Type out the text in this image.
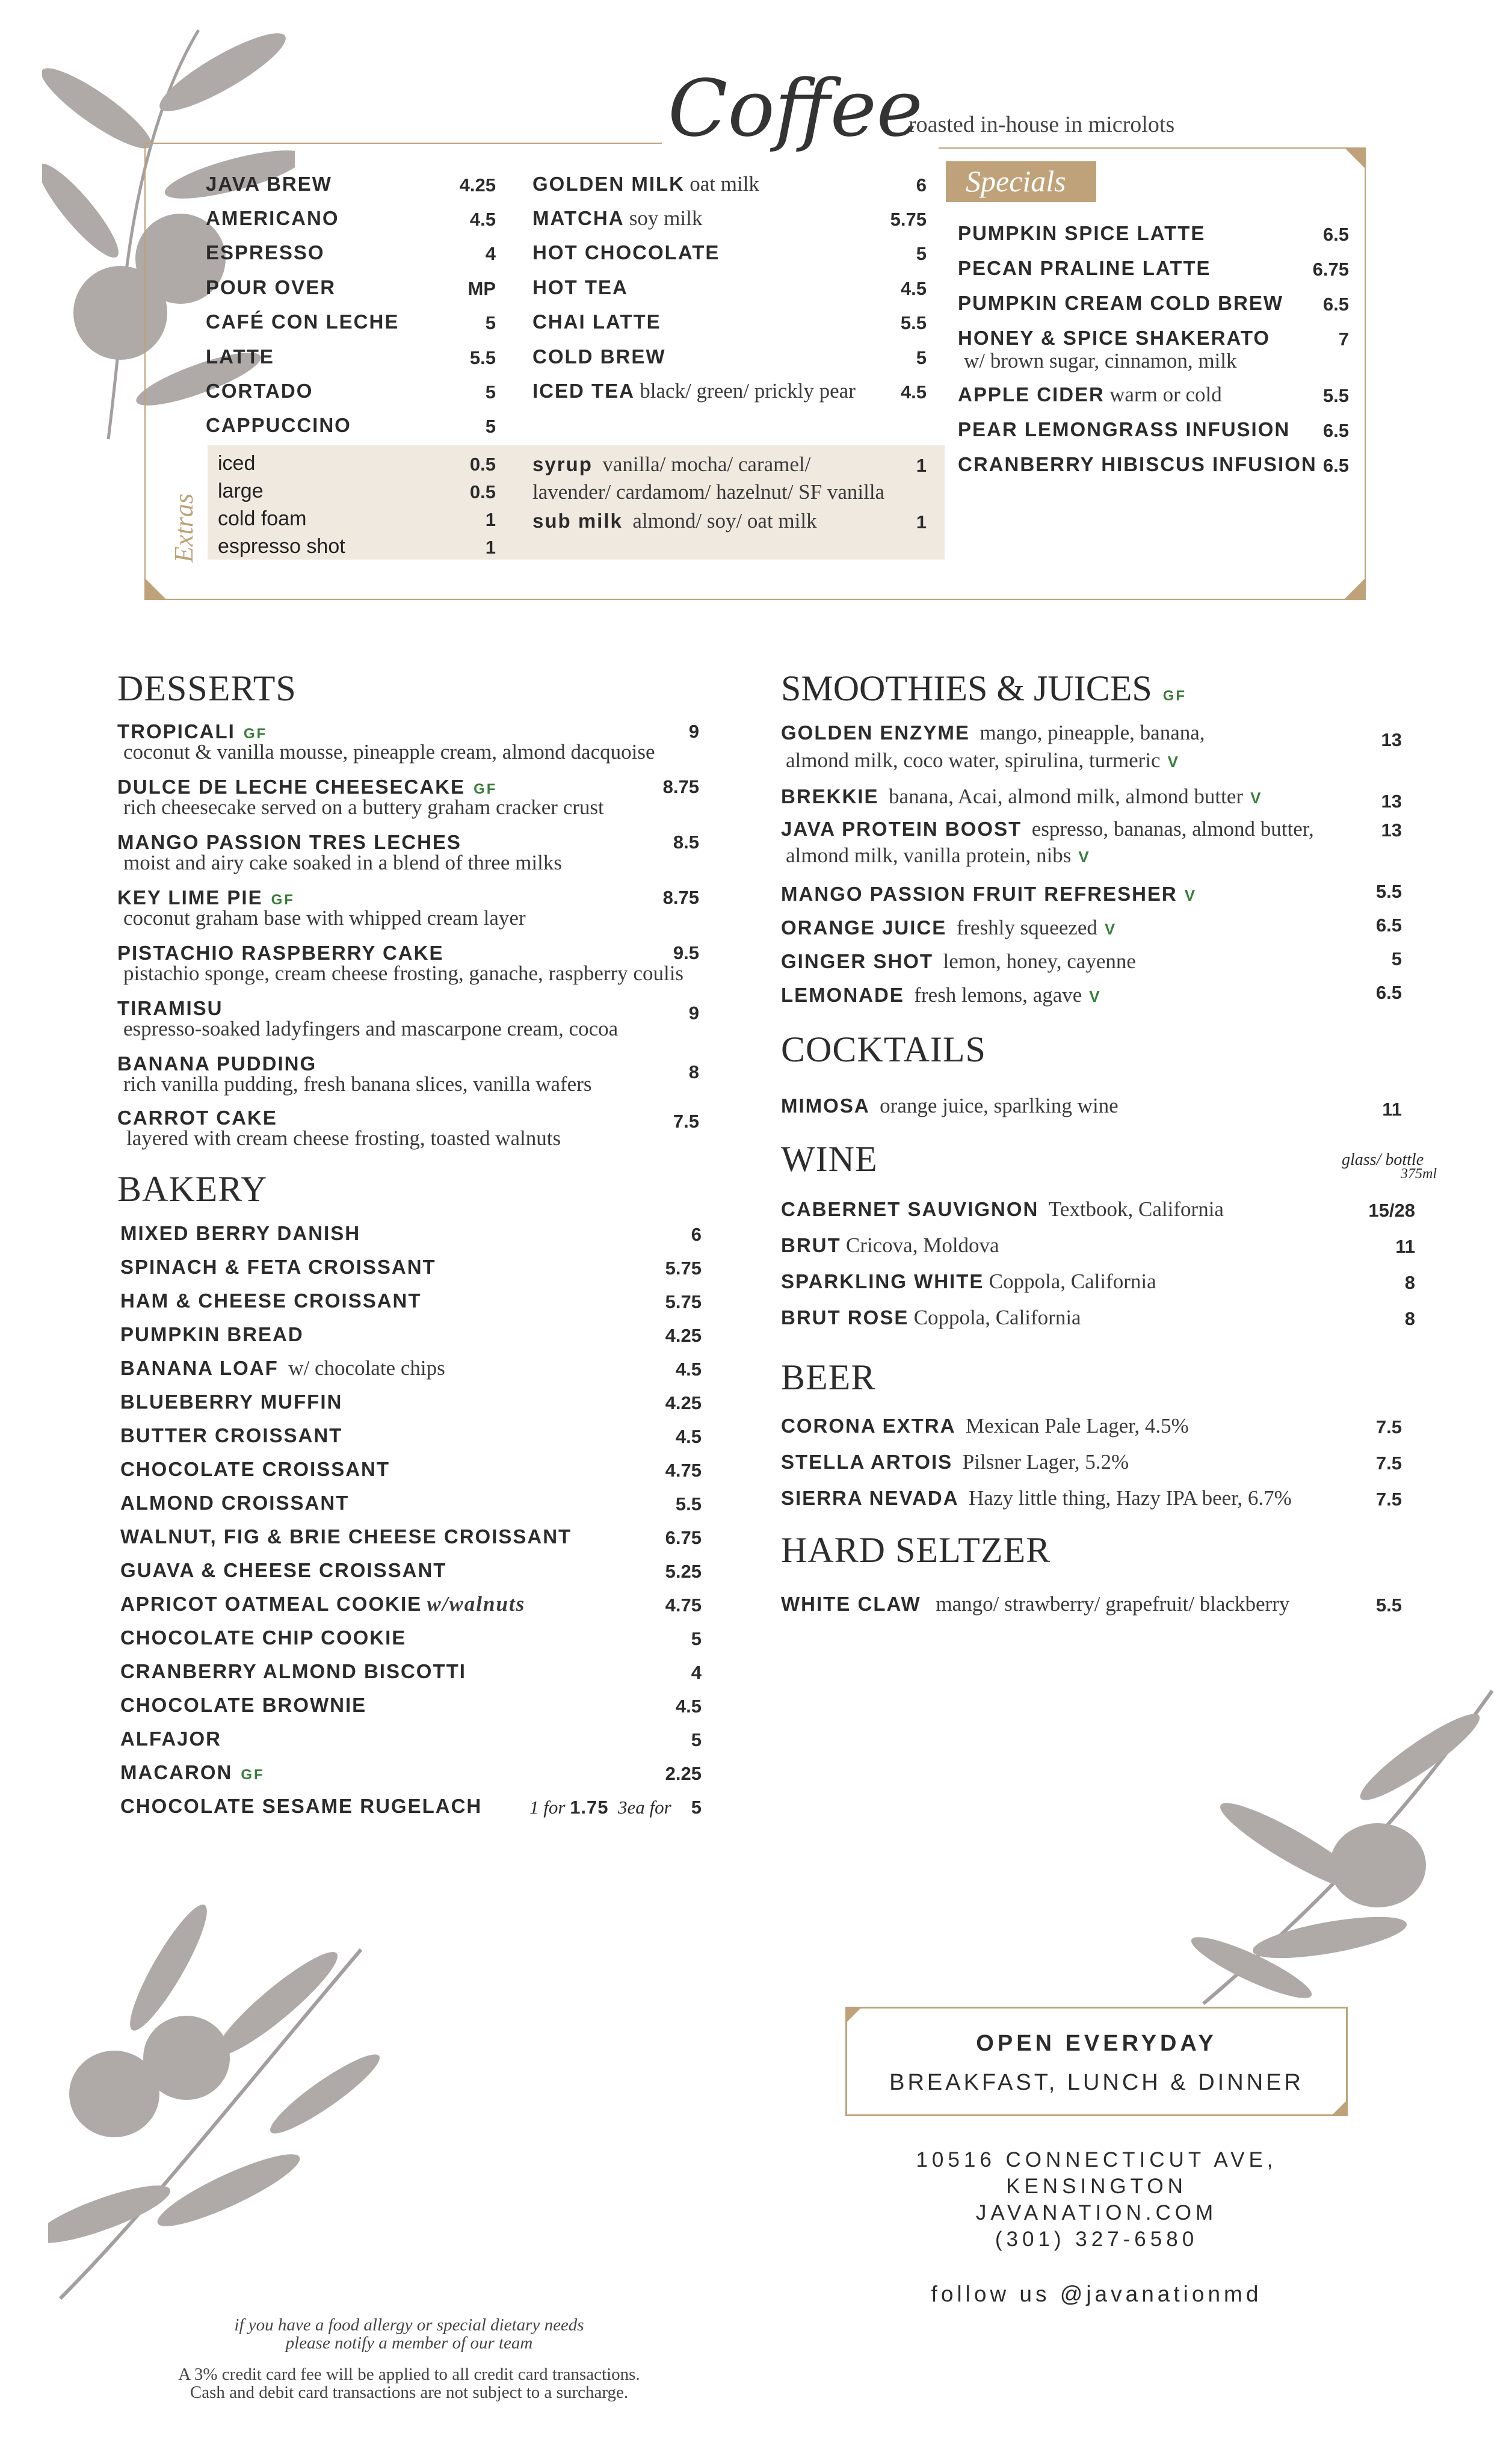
Coffee
roasted in-house in microlots
JAVA BREW	4.25
AMERICANO	4.5
ESPRESSO	4
POUR OVER	MP
CAFÉ CON LECHE	5
LATTE	5.5
CORTADO	5
CAPPUCCINO	5
GOLDEN MILK oat milk	6
MATCHA soy milk	5.75
HOT CHOCOLATE	5
HOT TEA	4.5
CHAI LATTE	5.5
COLD BREW	5
ICED TEA black/ green/ prickly pear	4.5
Extras
iced	0.5
large	0.5
cold foam	1
espresso shot	1
syrup vanilla/ mocha/ caramel/	1
lavender/ cardamom/ hazelnut/ SF vanilla
sub milk almond/ soy/ oat milk	1
Specials
PUMPKIN SPICE LATTE	6.5
PECAN PRALINE LATTE	6.75
PUMPKIN CREAM COLD BREW	6.5
HONEY & SPICE SHAKERATO	7
w/ brown sugar, cinnamon, milk
APPLE CIDER warm or cold	5.5
PEAR LEMONGRASS INFUSION	6.5
CRANBERRY HIBISCUS INFUSION 6.5
DESSERTS
TROPICALI GF	9
coconut & vanilla mousse, pineapple cream, almond dacquoise
DULCE DE LECHE CHEESECAKE GF	8.75
rich cheesecake served on a buttery graham cracker crust
MANGO PASSION TRES LECHES	8.5
moist and airy cake soaked in a blend of three milks
KEY LIME PIE GF	8.75
coconut graham base with whipped cream layer
PISTACHIO RASPBERRY CAKE	9.5
pistachio sponge, cream cheese frosting, ganache, raspberry coulis
TIRAMISU	9
espresso-soaked ladyfingers and mascarpone cream, cocoa
BANANA PUDDING	8
rich vanilla pudding, fresh banana slices, vanilla wafers
CARROT CAKE	7.5
layered with cream cheese frosting, toasted walnuts
BAKERY
MIXED BERRY DANISH	6
SPINACH & FETA CROISSANT	5.75
HAM & CHEESE CROISSANT	5.75
PUMPKIN BREAD	4.25
BANANA LOAF w/ chocolate chips	4.5
BLUEBERRY MUFFIN	4.25
BUTTER CROISSANT	4.5
CHOCOLATE CROISSANT	4.75
ALMOND CROISSANT	5.5
WALNUT, FIG & BRIE CHEESE CROISSANT	6.75
GUAVA & CHEESE CROISSANT	5.25
APRICOT OATMEAL COOKIE w/walnuts	4.75
CHOCOLATE CHIP COOKIE	5
CRANBERRY ALMOND BISCOTTI	4
CHOCOLATE BROWNIE	4.5
ALFAJOR	5
MACARON GF	2.25
CHOCOLATE SESAME RUGELACH	1 for 1.75 3ea for	5
SMOOTHIES & JUICES GF
GOLDEN ENZYME mango, pineapple, banana,	13
almond milk, coco water, spirulina, turmeric V
BREKKIE banana, Acai, almond milk, almond butter V	13
JAVA PROTEIN BOOST espresso, bananas, almond butter,	13
almond milk, vanilla protein, nibs V
MANGO PASSION FRUIT REFRESHER V	5.5
ORANGE JUICE freshly squeezed V	6.5
GINGER SHOT lemon, honey, cayenne	5
LEMONADE fresh lemons, agave V	6.5
COCKTAILS
MIMOSA orange juice, sparlking wine	11
WINE	glass/ bottle
375ml
CABERNET SAUVIGNON Textbook, California	15/28
BRUT Cricova, Moldova	11
SPARKLING WHITE Coppola, California	8
BRUT ROSE Coppola, California	8
BEER
CORONA EXTRA Mexican Pale Lager, 4.5%	7.5
STELLA ARTOIS Pilsner Lager, 5.2%	7.5
SIERRA NEVADA Hazy little thing, Hazy IPA beer, 6.7%	7.5
HARD SELTZER
WHITE CLAW mango/ strawberry/ grapefruit/ blackberry	5.5
OPEN EVERYDAY
BREAKFAST, LUNCH & DINNER
10516 CONNECTICUT AVE,
KENSINGTON
JAVANATION.COM
(301) 327-6580
follow us @javanationmd
if you have a food allergy or special dietary needs
please notify a member of our team
A 3% credit card fee will be applied to all credit card transactions.
Cash and debit card transactions are not subject to a surcharge.
